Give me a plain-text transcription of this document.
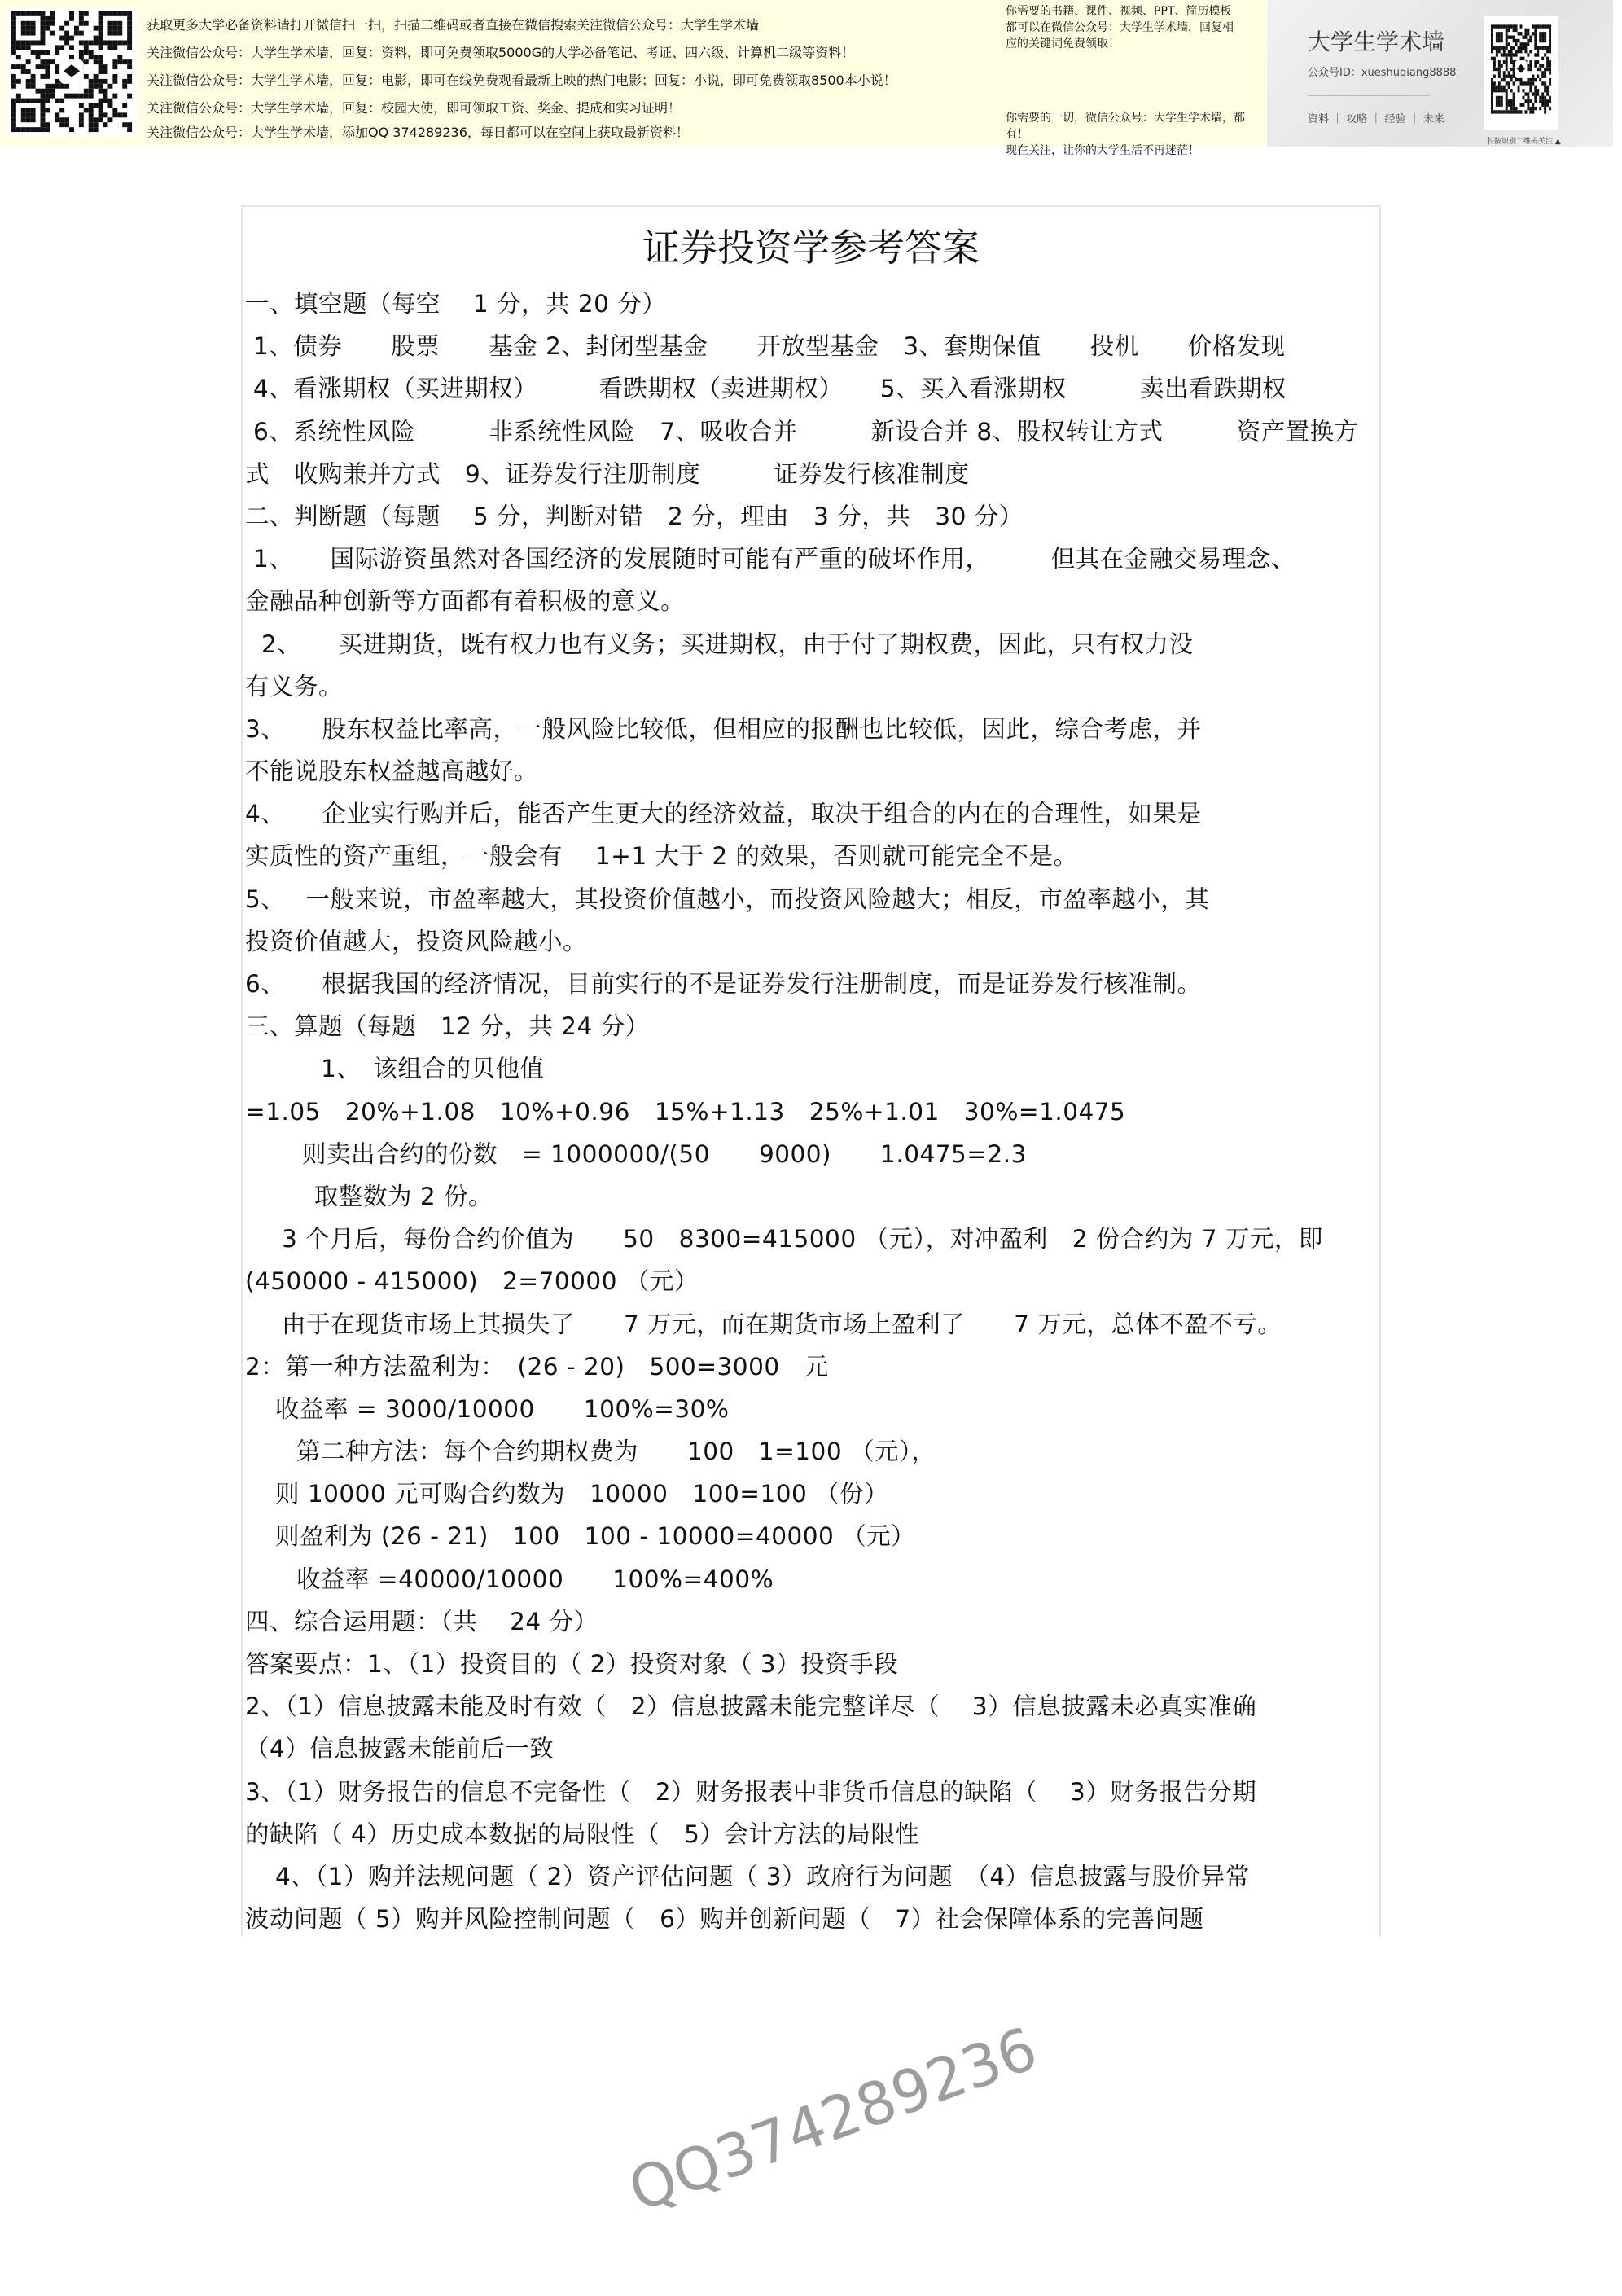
获取更多大学必备资料请打开微信扫一扫，扫描二维码或者直接在微信搜索关注微信公众号：大学生学术墙
关注微信公众号：大学生学术墙，回复：资料，即可免费领取5000G的大学必备笔记、考证、四六级、计算机二级等资料！
关注微信公众号：大学生学术墙，回复：电影，即可在线免费观看最新上映的热门电影；回复：小说，即可免费领取8500本小说！
关注微信公众号：大学生学术墙，回复：校园大使，即可领取工资、奖金、提成和实习证明！
关注微信公众号：大学生学术墙，添加QQ 374289236，每日都可以在空间上获取最新资料！
你需要的书籍、课件、视频、PPT、简历模板
都可以在微信公众号：大学生学术墙，回复相
应的关键词免费领取！
你需要的一切，微信公众号：大学生学术墙，都有！
现在关注，让你的大学生活不再迷茫！
大学生学术墙
公众号ID：xueshuqiang8888
资料 ｜ 攻略 ｜ 经验 ｜ 未来
长按识别二维码关注 ▲
证券投资学参考答案
一、填空题（每空　 1 分，共 20 分）
1、债券　　股票　　基金 2、封闭型基金　　开放型基金　3、套期保值　　投机　　价格发现
4、看涨期权（买进期权）　　　看跌期权（卖进期权）　　5、买入看涨期权　　　卖出看跌期权
6、系统性风险　　　非系统性风险　7、吸收合并　　　新设合并 8、股权转让方式　　　资产置换方
式　收购兼并方式　9、证券发行注册制度　　　证券发行核准制度
二、判断题（每题　 5 分，判断对错　2 分，理由　3 分，共　30 分）
1、　　国际游资虽然对各国经济的发展随时可能有严重的破坏作用，　　　但其在金融交易理念、
金融品种创新等方面都有着积极的意义。
2、　　买进期货，既有权力也有义务；买进期权，由于付了期权费，因此，只有权力没
有义务。
3、　　股东权益比率高，一般风险比较低，但相应的报酬也比较低，因此，综合考虑，并
不能说股东权益越高越好。
4、　　企业实行购并后，能否产生更大的经济效益，取决于组合的内在的合理性，如果是
实质性的资产重组，一般会有　 1+1 大于 2 的效果，否则就可能完全不是。
5、　 一般来说，市盈率越大，其投资价值越小，而投资风险越大；相反，市盈率越小，其
投资价值越大，投资风险越小。
6、　　根据我国的经济情况，目前实行的不是证券发行注册制度，而是证券发行核准制。
三、算题（每题　12 分，共 24 分）
1、　该组合的贝他值
=1.05　20%+1.08　10%+0.96　15%+1.13　25%+1.01　30%=1.0475
则卖出合约的份数　= 1000000/(50　　9000)　　1.0475=2.3
取整数为 2 份。
3 个月后，每份合约价值为　　50　8300=415000 （元），对冲盈利　2 份合约为 7 万元，即
(450000 - 415000)　2=70000 （元）
由于在现货市场上其损失了　　7 万元，而在期货市场上盈利了　　7 万元，总体不盈不亏。
2：第一种方法盈利为：　(26 - 20)　500=3000　元
收益率 = 3000/10000　　100%=30%
第二种方法：每个合约期权费为　　100　1=100 （元），
则 10000 元可购合约数为　10000　100=100 （份）
则盈利为 (26 - 21)　100　100 - 10000=40000 （元）
收益率 =40000/10000　　100%=400%
四、综合运用题：（共　 24 分）
答案要点：1、（1）投资目的（ 2）投资对象（ 3）投资手段
2、（1）信息披露未能及时有效（　2）信息披露未能完整详尽（　 3）信息披露未必真实准确
（4）信息披露未能前后一致
3、（1）财务报告的信息不完备性（　2）财务报表中非货币信息的缺陷（　 3）财务报告分期
的缺陷（ 4）历史成本数据的局限性（　5）会计方法的局限性
4、（1）购并法规问题（ 2）资产评估问题（ 3）政府行为问题　（4）信息披露与股价异常
波动问题（ 5）购并风险控制问题（　6）购并创新问题（　7）社会保障体系的完善问题
QQ374289236
